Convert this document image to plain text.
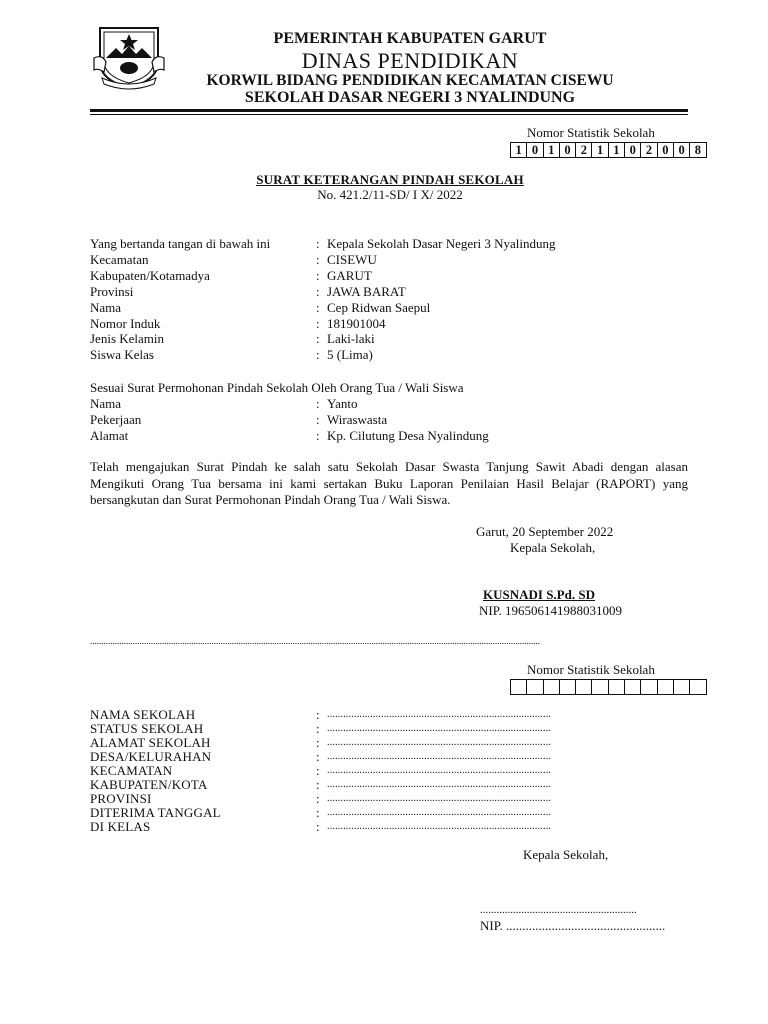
PEMERINTAH KABUPATEN GARUT
DINAS PENDIDIKAN
KORWIL BIDANG PENDIDIKAN KECAMATAN CISEWU
SEKOLAH DASAR NEGERI 3 NYALINDUNG
Nomor Statistik Sekolah
1 0 1 0 2 1 1 0 2 0 0 8
SURAT KETERANGAN PINDAH SEKOLAH
No. 421.2/11-SD/ I X/ 2022
Yang bertanda tangan di bawah ini	: Kepala Sekolah Dasar Negeri 3 Nyalindung
Kecamatan	: CISEWU
Kabupaten/Kotamadya	: GARUT
Provinsi	: JAWA BARAT
Nama	: Cep Ridwan Saepul
Nomor Induk	: 181901004
Jenis Kelamin	: Laki-laki
Siswa Kelas	: 5 (Lima)
Sesuai Surat Permohonan Pindah Sekolah Oleh Orang Tua / Wali Siswa
Nama	: Yanto
Pekerjaan	: Wiraswasta
Alamat	: Kp. Cilutung Desa Nyalindung
Telah mengajukan Surat Pindah ke salah satu Sekolah Dasar Swasta Tanjung Sawit Abadi dengan alasan Mengikuti Orang Tua bersama ini kami sertakan Buku Laporan Penilaian Hasil Belajar (RAPORT) yang bersangkutan dan Surat Permohonan Pindah Orang Tua / Wali Siswa.
Garut, 20 September 2022
Kepala Sekolah,
KUSNADI S.Pd. SD
NIP. 196506141988031009
........................................................................................................................................................................................................
Nomor Statistik Sekolah
NAMA SEKOLAH	: ...................................................................................
STATUS SEKOLAH	: ...................................................................................
ALAMAT SEKOLAH	: ...................................................................................
DESA/KELURAHAN	: ...................................................................................
KECAMATAN	: ...................................................................................
KABUPATEN/KOTA	: ...................................................................................
PROVINSI	: ...................................................................................
DITERIMA TANGGAL	: ...................................................................................
DI KELAS	: ...................................................................................
Kepala Sekolah,
.........................................................
NIP. .................................................
